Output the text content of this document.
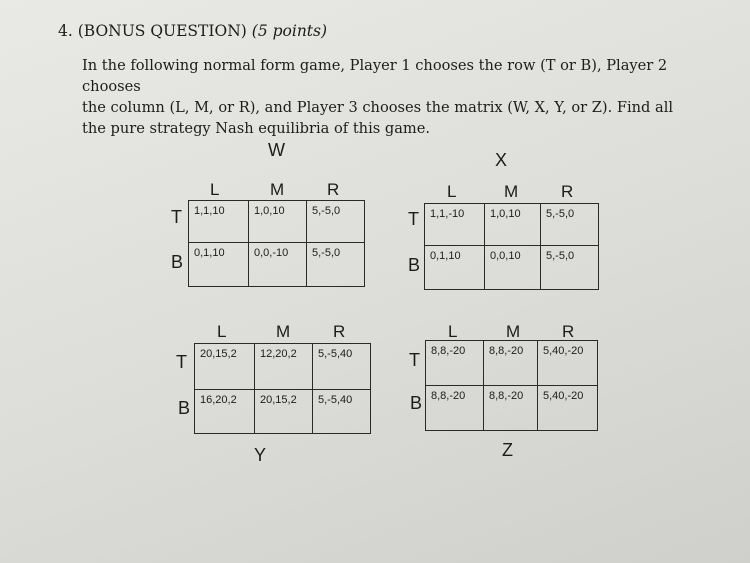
4. (BONUS QUESTION) (5 points)

In the following normal form game, Player 1 chooses the row (T or B), Player 2 chooses

the column (L, M, or R), and Player 3 chooses the matrix (W, X, Y, or Z). Find all

the pure strategy Nash equilibria of this game.

W
L	M	R
T
B
1,1,10	1,0,10	5,-5,0
0,1,10	0,0,-10	5,-5,0
X
L	M	R
T
B
1,1,-10	1,0,10	5,-5,0
0,1,10	0,0,10	5,-5,0
L	M	R
T
B
20,15,2	12,20,2	5,-5,40
16,20,2	20,15,2	5,-5,40
Y
L	M R
T
B
8,8,-20	8,8,-20	5,40,-20
8,8,-20	8,8,-20	5,40,-20
Z
